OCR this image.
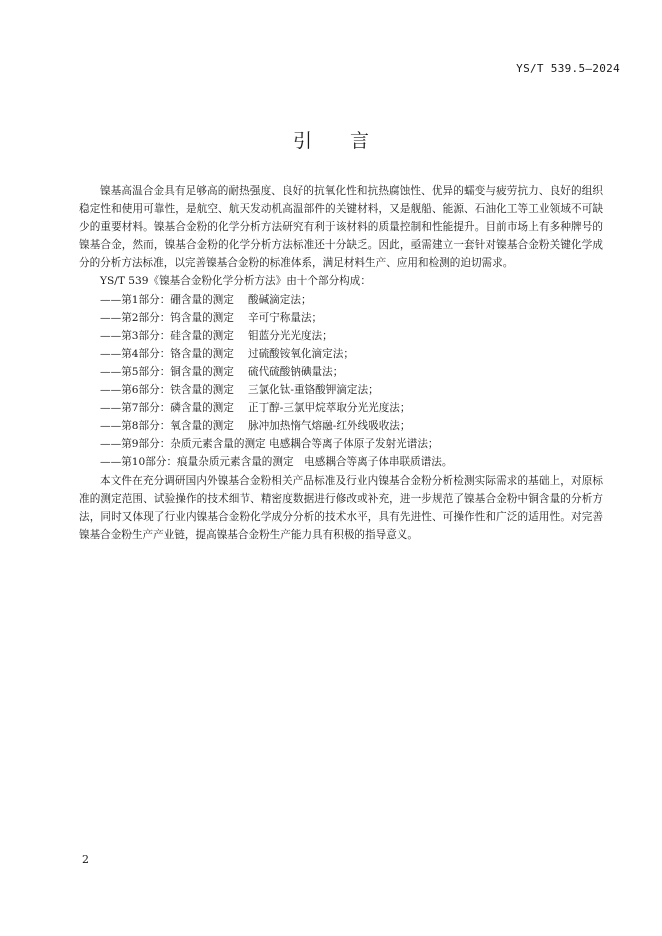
YS/T 539.5—2024
引言

镍基高温合金具有足够高的耐热强度、良好的抗氧化性和抗热腐蚀性、优异的蠕变与疲劳抗力、良好的组织稳定性和使用可靠性，是航空、航天发动机高温部件的关键材料，又是舰船、能源、石油化工等工业领域不可缺少的重要材料。镍基合金粉的化学分析方法研究有利于该材料的质量控制和性能提升。目前市场上有多种牌号的镍基合金，然而，镍基合金粉的化学分析方法标准还十分缺乏。因此，亟需建立一套针对镍基合金粉关键化学成分的分析方法标准，以完善镍基合金粉的标准体系，满足材料生产、应用和检测的迫切需求。

YS/T 539《镍基合金粉化学分析方法》由十个部分构成：

——第1部分：硼含量的测定 酸碱滴定法；
——第2部分：钨含量的测定 辛可宁称量法；
——第3部分：硅含量的测定 钼蓝分光光度法；
——第4部分：铬含量的测定 过硫酸铵氧化滴定法；
——第5部分：铜含量的测定 硫代硫酸钠碘量法；
——第6部分：铁含量的测定 三氯化钛-重铬酸钾滴定法；
——第7部分：磷含量的测定 正丁醇-三氯甲烷萃取分光光度法；
——第8部分：氧含量的测定 脉冲加热惰气熔融-红外线吸收法；
——第9部分：杂质元素含量的测定 电感耦合等离子体原子发射光谱法；
——第10部分：痕量杂质元素含量的测定　 电感耦合等离子体串联质谱法。

本文件在充分调研国内外镍基合金粉相关产品标准及行业内镍基合金粉分析检测实际需求的基础上，对原标准的测定范围、试验操作的技术细节、精密度数据进行修改或补充，进一步规范了镍基合金粉中铜含量的分析方法，同时又体现了行业内镍基合金粉化学成分分析的技术水平，具有先进性、可操作性和广泛的适用性。对完善镍基合金粉生产产业链，提高镍基合金粉生产能力具有积极的指导意义。

2
